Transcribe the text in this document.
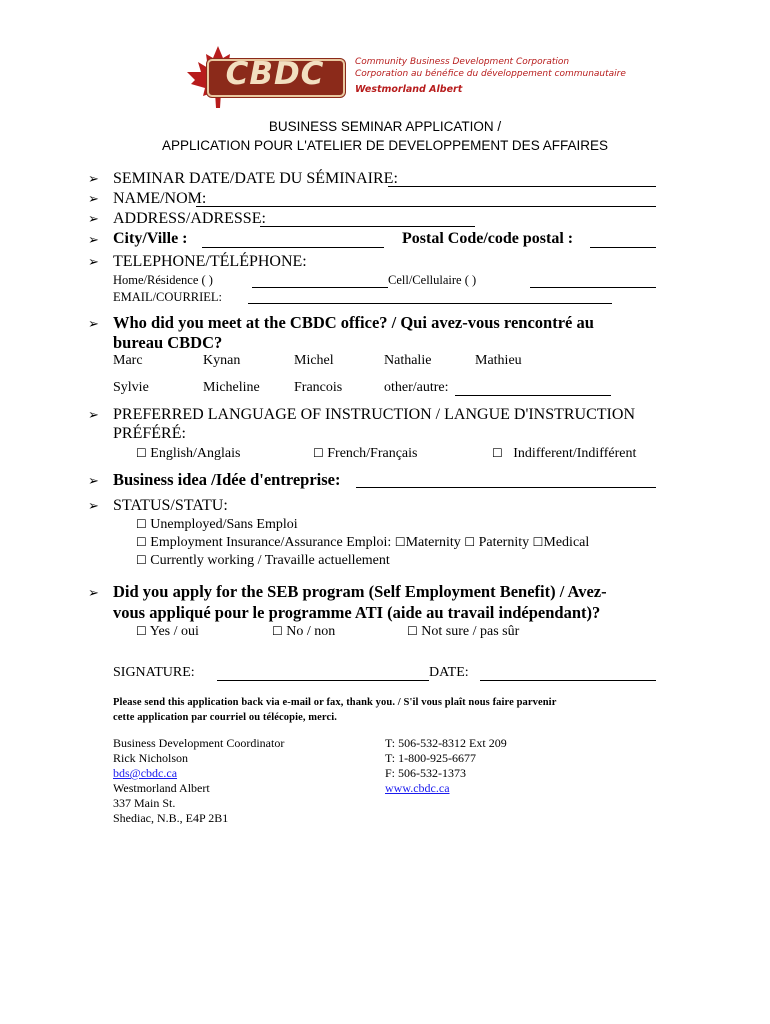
CBDC	Community Business Development Corporation
Corporation au bénéfice du développement communautaire
Westmorland Albert
BUSINESS SEMINAR APPLICATION /
APPLICATION POUR L'ATELIER DE DEVELOPPEMENT DES AFFAIRES
➢ SEMINAR DATE/DATE DU SÉMINAIRE:
➢ NAME/NOM:
➢ ADDRESS/ADRESSE:
➢ City/Ville :	Postal Code/code postal :
➢ TELEPHONE/TÉLÉPHONE:
Home/Résidence ( )	Cell/Cellulaire ( )
EMAIL/COURRIEL:
➢ Who did you meet at the CBDC office? / Qui avez-vous rencontré au
bureau CBDC?
Marc	Kynan	Michel	Nathalie	Mathieu
Sylvie	Micheline Francois	other/autre:
➢ PREFERRED LANGUAGE OF INSTRUCTION / LANGUE D'INSTRUCTION
PRÉFÉRÉ:
☐ English/Anglais	☐ French/Français	☐ Indifferent/Indifférent
➢ Business idea /Idée d'entreprise:
➢ STATUS/STATU:
☐ Unemployed/Sans Emploi
☐ Employment Insurance/Assurance Emploi: ☐Maternity ☐ Paternity ☐Medical
☐ Currently working / Travaille actuellement
➢ Did you apply for the SEB program (Self Employment Benefit) / Avez-
vous appliqué pour le programme ATI (aide au travail indépendant)?
☐ Yes / oui	☐ No / non	☐ Not sure / pas sûr
SIGNATURE:	DATE:
Please send this application back via e-mail or fax, thank you. / S'il vous plaît nous faire parvenir
cette application par courriel ou télécopie, merci.
Business Development Coordinator
Rick Nicholson
bds@cbdc.ca
Westmorland Albert
337 Main St.
Shediac, N.B., E4P 2B1
T: 506-532-8312 Ext 209
T: 1-800-925-6677
F: 506-532-1373
www.cbdc.ca
